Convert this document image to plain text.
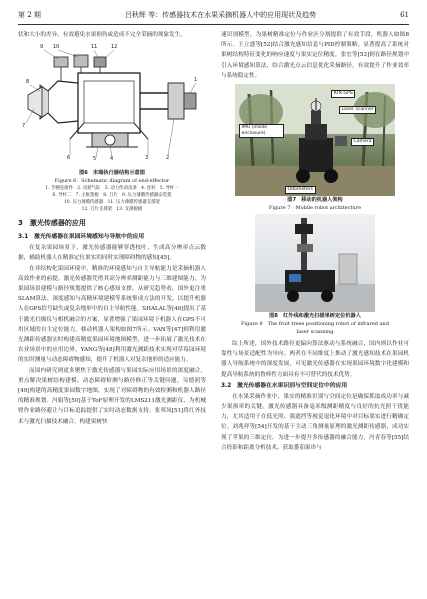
第 2 期	吕秋辉 等：传感器技术在水果采摘机器人中的应用现状及趋势	61

状和大小的差异，有效避免水果损伤或造成不完全采摘的现象发生。

9 10	11	12
8
7
6	5	4	3	2
1
图6　末端执行器结构示意图
Figure 6　Schematic diagram of end-effector
1. 手腕连接件　2. 齿轮气缸　3. 动力传动齿条　4. 连杆　5. 导杆一
6. 导杆二　7. 主框架板　8. 刀片　9. 压力薄膜传感器安装架
10. 压力薄膜传感器　11. 压力薄膜传感器支撑架
12. 刀片支撑架　13. 支撑板板
3　激光传感器的应用
3.1　激光传感器在果园环境感知与导航中的应用

在复杂果园场景下，激光传感器能够穿透枝叶，生成高分辨率点云数据，辅助机器人在精准定位果实的同时实现障碍物的感知[45]。

在非结构化果园环境中，精准的环境感知与自主导航能力是采摘机器人高效作业的前提。激光传感器凭借其高分辨率测距能力与三维建图能力，为果园场景建模与路径规划提供了核心感知支撑。从研究趋势看，国外更注重SLAM算法、深度感知与高精环境建模等系统集成方法的开发，以提升机器人在GPS信号缺失或复杂地形中的自主导航性能。SHALAL等[46]提出了基于激光扫描仪与相机融合的方案，显著增强了果园环境下机器人在GPS不可用区域的自主定位能力，移动机器人架构如图7所示。VAN等[47]则利用激光测距传感器实时构建高精度果园环境地图模型，进一步拓展了激光技术在农业场景中的应用边界。YANG等[48]利用激光测距技术实现对草莓园环境的实时测量与动态障碍物感知，提升了机器人对复杂地形的适应能力。

而国内研究则更多聚焦于激光传感器与果园实际应用场景的深度融合，重点解决果树结构建模、动态障碍检测与路径修正等关键问题。吴德润等[49]构建的高精度果园数字地图，实现了对障碍物的有效检测和机器人路径的精准规划。冯娟等[50]基于ToF原理开发的LMS211激光测距仪，为机械臂作业路径避让与目标追踪提供了实时动态数据支持。张邦凤[51]将红外技术与激光扫描技术融合，构建果树快

速识别模型，为果树精准定位与作业区分割提供了有效手段，机器人如图8所示。王立盛等[52]结合激光感知信息与PID控制策略，显著提高了系统对果树结构特征变化的响应速度与果实定位精度。张宏等[53]则在路径规划中引入环境感知算法，结合激光点云信息优化采摘路径，有效提升了作业效率与系统稳定性。

RTK-GPS
Laser scanner
IMU (inside enclosure)
Camera
Odometers
图7　移动的机器人架构
Figure 7　Mobile robot architecture
图8　红外线和激光扫描果树定位机器人
Figure 8　The fruit trees positioning robot of infrared and
laser scanning

综上所述，国外技术路径更偏向算法驱动与系统融合，国内则以作业可靠性与场景适配性为导向。两者在不同维度上推动了激光感知技术在果园机器人导航系统中的深度发展，可见激光传感器在实现果园环境数字化建模和提高导航系统的鲁棒性方面具有不可替代的技术优势。

3.2　激光传感器在水果识别与空间定位中的应用

在水果采摘作业中，果实的精准识别与空间定位是确保抓取成功率与减少果损率的关键。激光传感器具备毫米级测距精度与良好的抗光照干扰能力，尤其适用于在低光照、强遮挡等视觉退化环境中对目标果实进行精确定位。刘兆祥等[54]开发的基于主动三角测量原理的激光测距传感器，成功实现了苹果的三维定位。为进一步提升多传感器的融合能力，冯青春等[55]结合投影和距离分析技术，获取番茄果串与
